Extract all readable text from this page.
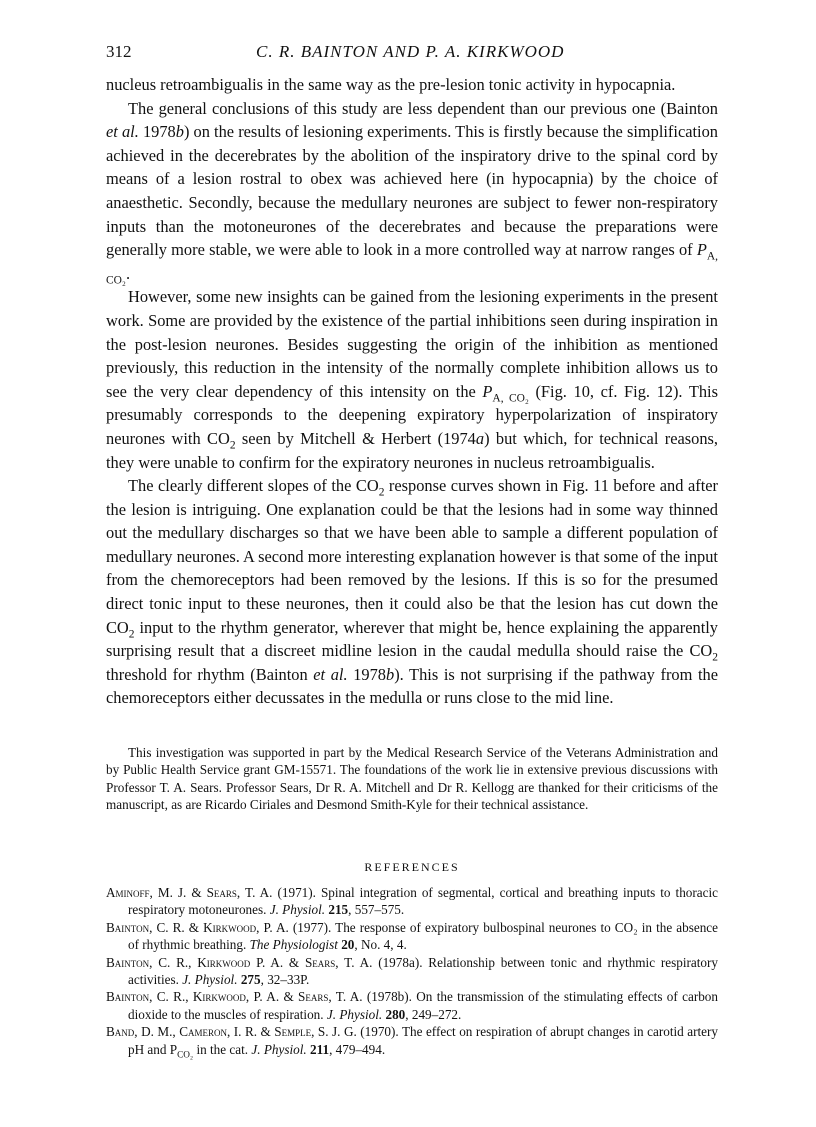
312	C. R. BAINTON AND P. A. KIRKWOOD

nucleus retroambigualis in the same way as the pre-lesion tonic activity in hypocapnia.

The general conclusions of this study are less dependent than our previous one (Bainton et al. 1978b) on the results of lesioning experiments. This is firstly because the simplification achieved in the decerebrates by the abolition of the inspiratory drive to the spinal cord by means of a lesion rostral to obex was achieved here (in hypocapnia) by the choice of anaesthetic. Secondly, because the medullary neurones are subject to fewer non-respiratory inputs than the motoneurones of the decerebrates and because the preparations were generally more stable, we were able to look in a more controlled way at narrow ranges of $P_{A, CO_2}$.

However, some new insights can be gained from the lesioning experiments in the present work. Some are provided by the existence of the partial inhibitions seen during inspiration in the post-lesion neurones. Besides suggesting the origin of the inhibition as mentioned previously, this reduction in the intensity of the normally complete inhibition allows us to see the very clear dependency of this intensity on the $P_{A, CO_2}$ (Fig. 10, cf. Fig. 12). This presumably corresponds to the deepening expiratory hyperpolarization of inspiratory neurones with $CO_2$ seen by Mitchell & Herbert (1974a) but which, for technical reasons, they were unable to confirm for the expiratory neurones in nucleus retroambigualis.

The clearly different slopes of the $CO_2$ response curves shown in Fig. 11 before and after the lesion is intriguing. One explanation could be that the lesions had in some way thinned out the medullary discharges so that we have been able to sample a different population of medullary neurones. A second more interesting explanation however is that some of the input from the chemoreceptors had been removed by the lesions. If this is so for the presumed direct tonic input to these neurones, then it could also be that the lesion has cut down the $CO_2$ input to the rhythm generator, wherever that might be, hence explaining the apparently surprising result that a discreet midline lesion in the caudal medulla should raise the $CO_2$ threshold for rhythm (Bainton et al. 1978b). This is not surprising if the pathway from the chemoreceptors either decussates in the medulla or runs close to the mid line.

This investigation was supported in part by the Medical Research Service of the Veterans Administration and by Public Health Service grant GM-15571. The foundations of the work lie in extensive previous discussions with Professor T. A. Sears. Professor Sears, Dr R. A. Mitchell and Dr R. Kellogg are thanked for their criticisms of the manuscript, as are Ricardo Ciriales and Desmond Smith-Kyle for their technical assistance.

REFERENCES

Aminoff, M. J. & Sears, T. A. (1971). Spinal integration of segmental, cortical and breathing inputs to thoracic respiratory motoneurones. J. Physiol. 215, 557–575.

Bainton, C. R. & Kirkwood, P. A. (1977). The response of expiratory bulbospinal neurones to CO₂ in the absence of rhythmic breathing. The Physiologist 20, No. 4, 4.

Bainton, C. R., Kirkwood P. A. & Sears, T. A. (1978a). Relationship between tonic and rhythmic respiratory activities. J. Physiol. 275, 32–33P.

Bainton, C. R., Kirkwood, P. A. & Sears, T. A. (1978b). On the transmission of the stimulating effects of carbon dioxide to the muscles of respiration. J. Physiol. 280, 249–272.

Band, D. M., Cameron, I. R. & Semple, S. J. G. (1970). The effect on respiration of abrupt changes in carotid artery pH and $P_{CO_2}$ in the cat. J. Physiol. 211, 479–494.
